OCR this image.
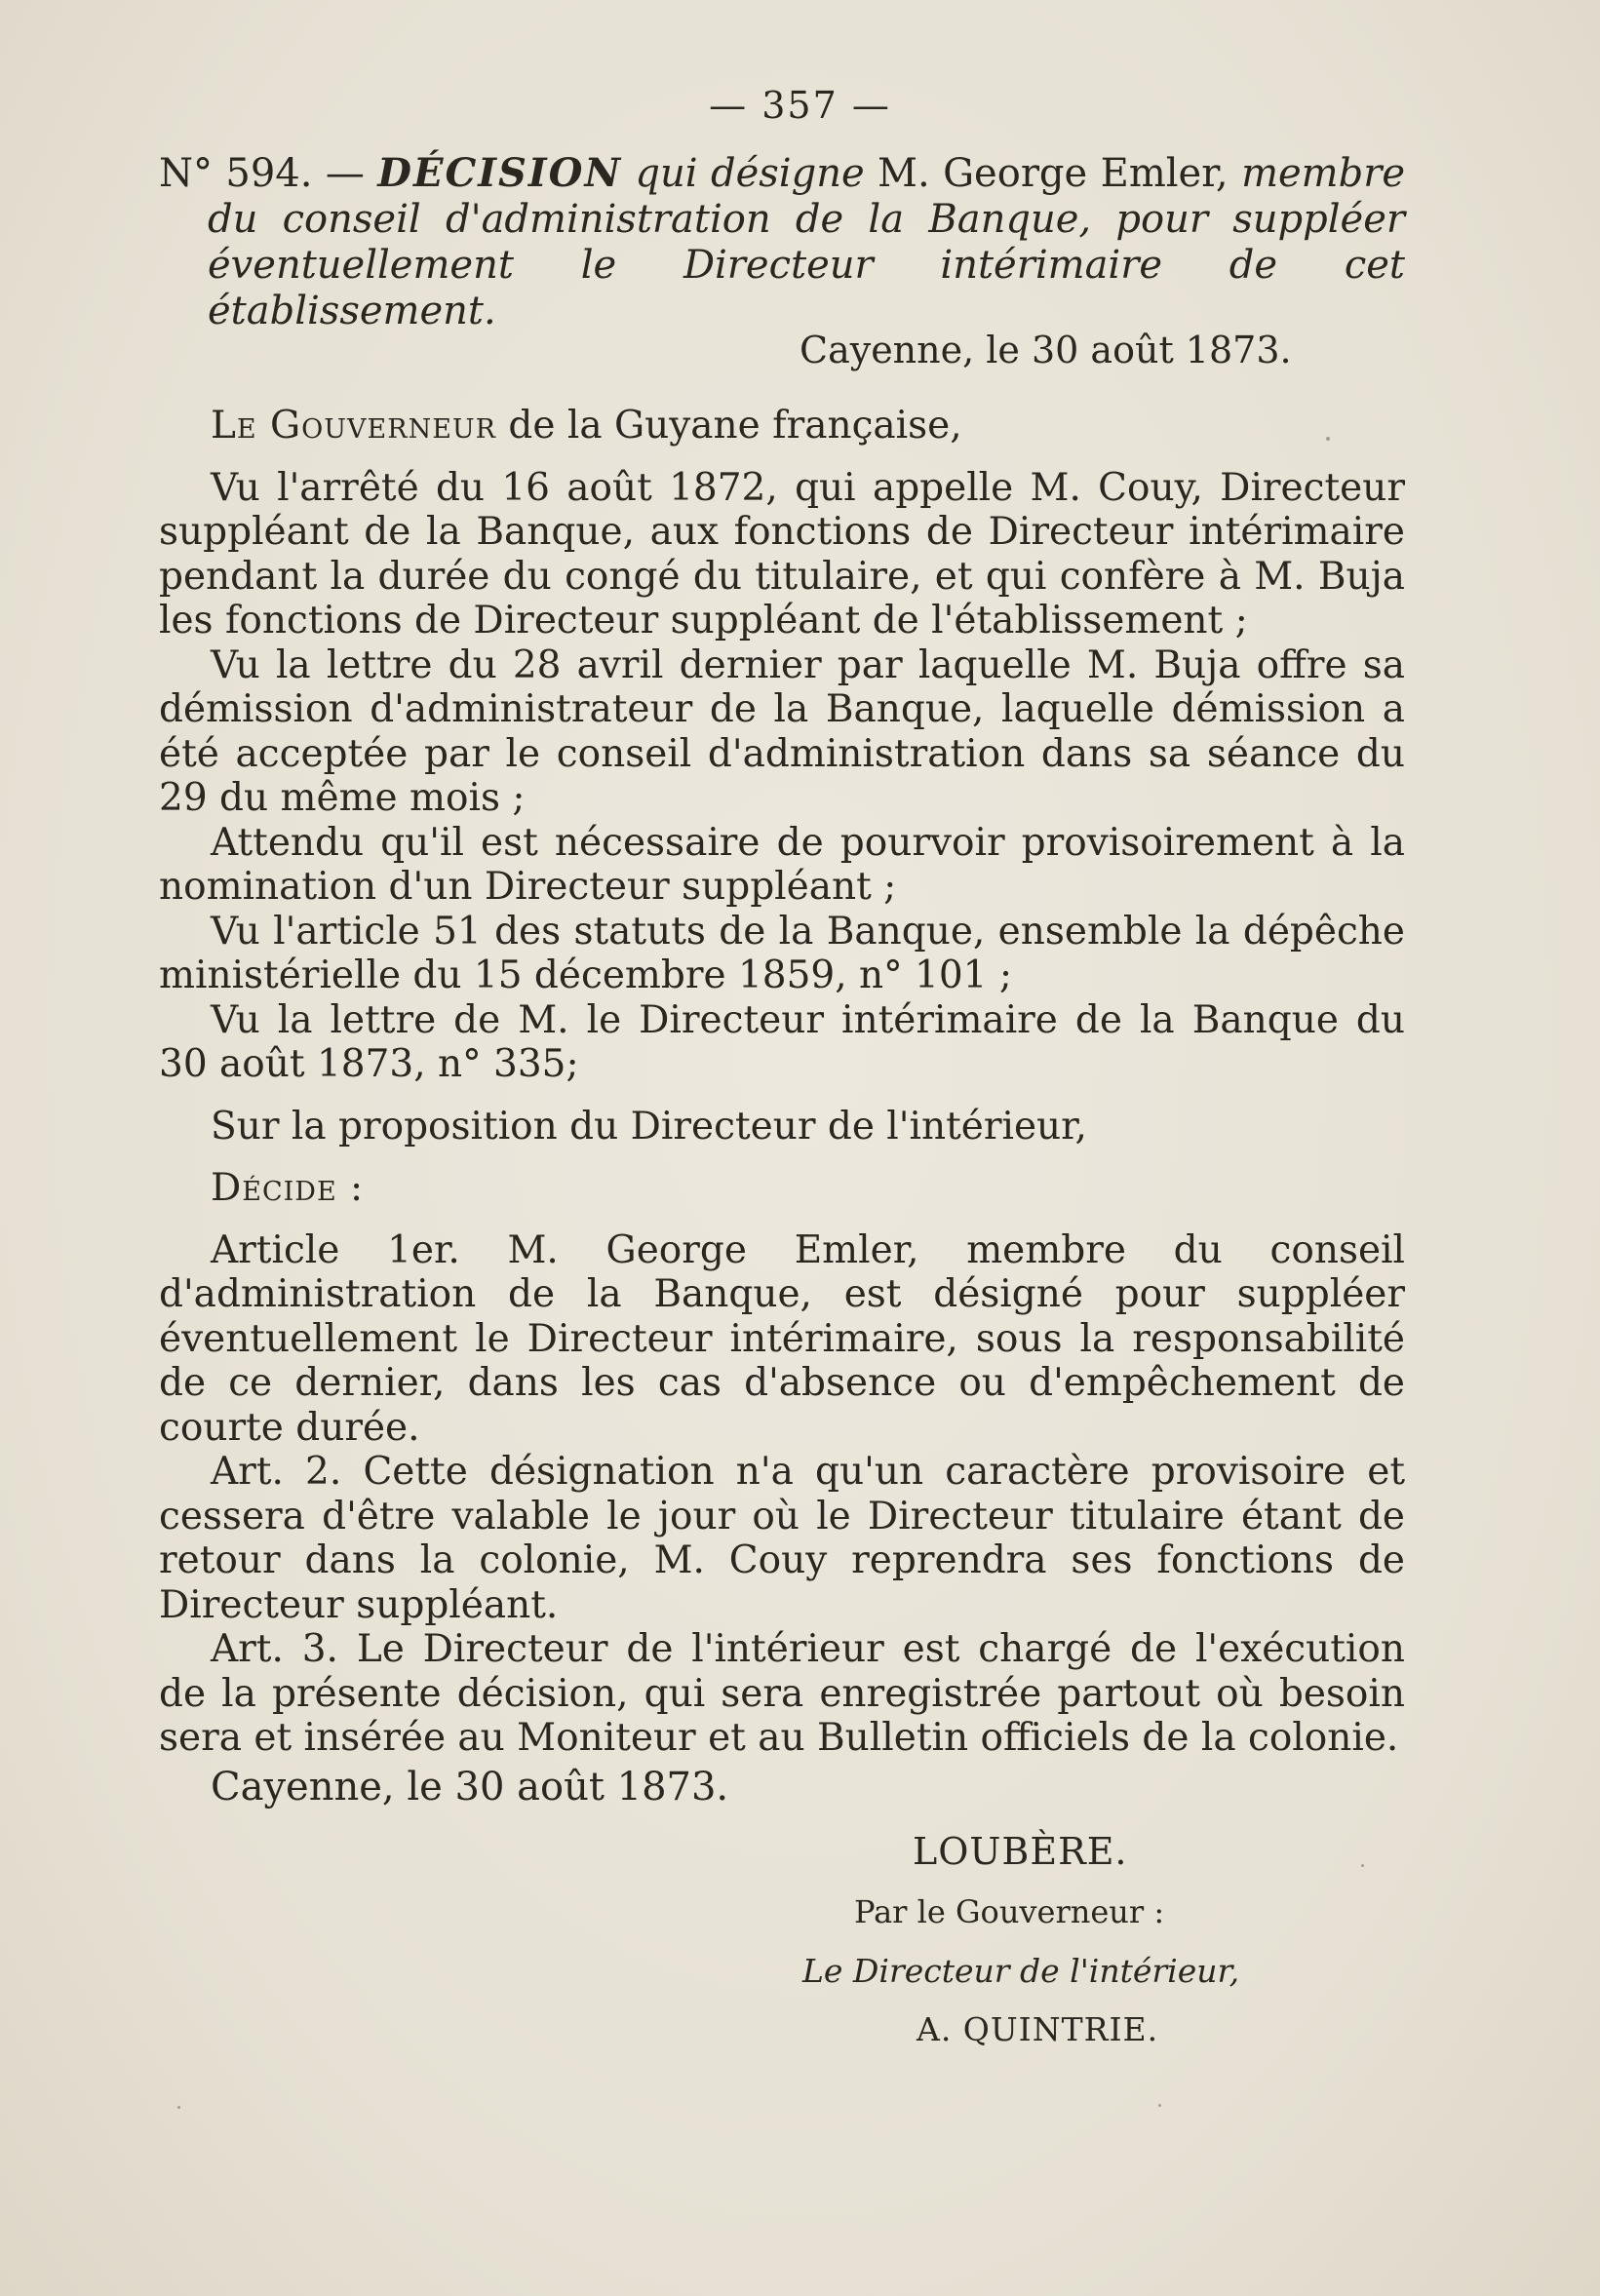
— 357 —
N° 594. — DÉCISION qui désigne M. George Emler, membre du conseil d'administration de la Banque, pour suppléer éventuellement le Directeur intérimaire de cet établissement.
Cayenne, le 30 août 1873.

Le Gouverneur de la Guyane française,

Vu l'arrêté du 16 août 1872, qui appelle M. Couy, Directeur suppléant de la Banque, aux fonctions de Directeur intérimaire pendant la durée du congé du titulaire, et qui confère à M. Buja les fonctions de Directeur suppléant de l'établissement ;

Vu la lettre du 28 avril dernier par laquelle M. Buja offre sa démission d'administrateur de la Banque, laquelle démission a été acceptée par le conseil d'administration dans sa séance du 29 du même mois ;

Attendu qu'il est nécessaire de pourvoir provisoirement à la nomination d'un Directeur suppléant ;

Vu l'article 51 des statuts de la Banque, ensemble la dépêche ministérielle du 15 décembre 1859, n° 101 ;

Vu la lettre de M. le Directeur intérimaire de la Banque du 30 août 1873, n° 335;

Sur la proposition du Directeur de l'intérieur,

Décide :

Article 1er. M. George Emler, membre du conseil d'administration de la Banque, est désigné pour suppléer éventuellement le Directeur intérimaire, sous la responsabilité de ce dernier, dans les cas d'absence ou d'empêchement de courte durée.

Art. 2. Cette désignation n'a qu'un caractère provisoire et cessera d'être valable le jour où le Directeur titulaire étant de retour dans la colonie, M. Couy reprendra ses fonctions de Directeur suppléant.

Art. 3. Le Directeur de l'intérieur est chargé de l'exécution de la présente décision, qui sera enregistrée partout où besoin sera et insérée au Moniteur et au Bulletin officiels de la colonie.

Cayenne, le 30 août 1873.
LOUBÈRE.
Par le Gouverneur :
Le Directeur de l'intérieur,
A. QUINTRIE.
